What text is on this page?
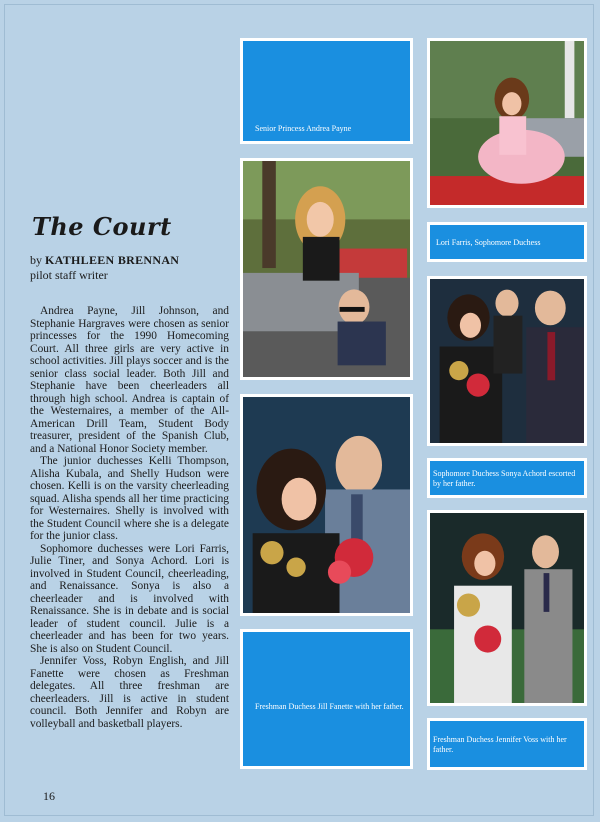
The Court
by KATHLEEN BRENNAN
pilot staff writer

Andrea Payne, Jill Johnson, and Stephanie Hargraves were chosen as senior princesses for the 1990 Homecoming Court. All three girls are very active in school activities. Jill plays soccer and is the senior class social leader. Both Jill and Stephanie have been cheerleaders all through high school. Andrea is captain of the Westernaires, a member of the All-American Drill Team, Student Body treasurer, president of the Spanish Club, and a National Honor Society member.

The junior duchesses Kelli Thompson, Alisha Kubala, and Shelly Hudson were chosen. Kelli is on the varsity cheerleading squad. Alisha spends all her time practicing for Westernaires. Shelly is involved with the Student Council where she is a delegate for the junior class.

Sophomore duchesses were Lori Farris, Julie Tiner, and Sonya Achord. Lori is involved in Student Council, cheerleading, and Renaissance. Sonya is also a cheerleader and is involved with Renaissance. She is in debate and is social leader of student council. Julie is a cheerleader and has been for two years. She is also on Student Council.

Jennifer Voss, Robyn English, and Jill Fanette were chosen as Freshman delegates. All three freshman are cheerleaders. Jill is active in student council. Both Jennifer and Robyn are volleyball and basketball players.

16
Senior Princess Andrea Payne
Freshman Duchess Jill Fanette with her father.
Lori Farris, Sophomore Duchess
Sophomore Duchess Sonya Achord escorted by her father.
Freshman Duchess Jennifer Voss with her father.
